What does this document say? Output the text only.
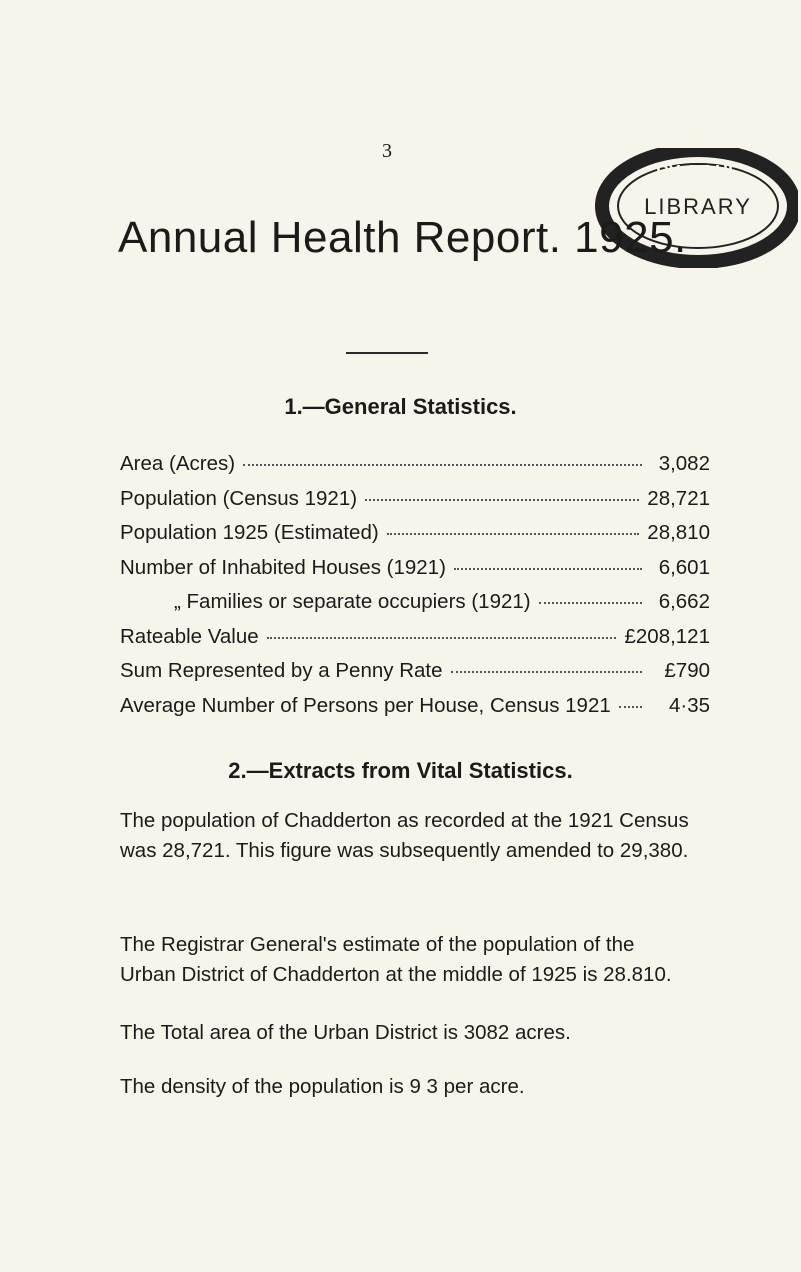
3
RY OF HE
LIBRARY
Annual Health Report. 1925.
1.—General Statistics.
Area (Acres)	3,082
Population (Census 1921)	28,721
Population 1925 (Estimated)	28,810
Number of Inhabited Houses (1921)	6,601
„ Families or separate occupiers (1921)	6,662
Rateable Value	£208,121
Sum Represented by a Penny Rate	£790
Average Number of Persons per House, Census 1921	4·35
2.—Extracts from Vital Statistics.

The population of Chadderton as recorded at the 1921 Census was 28,721. This figure was subsequently amended to 29,380.

The Registrar General's estimate of the population of the Urban District of Chadderton at the middle of 1925 is 28.810.

The Total area of the Urban District is 3082 acres.

The density of the population is 9 3 per acre.
